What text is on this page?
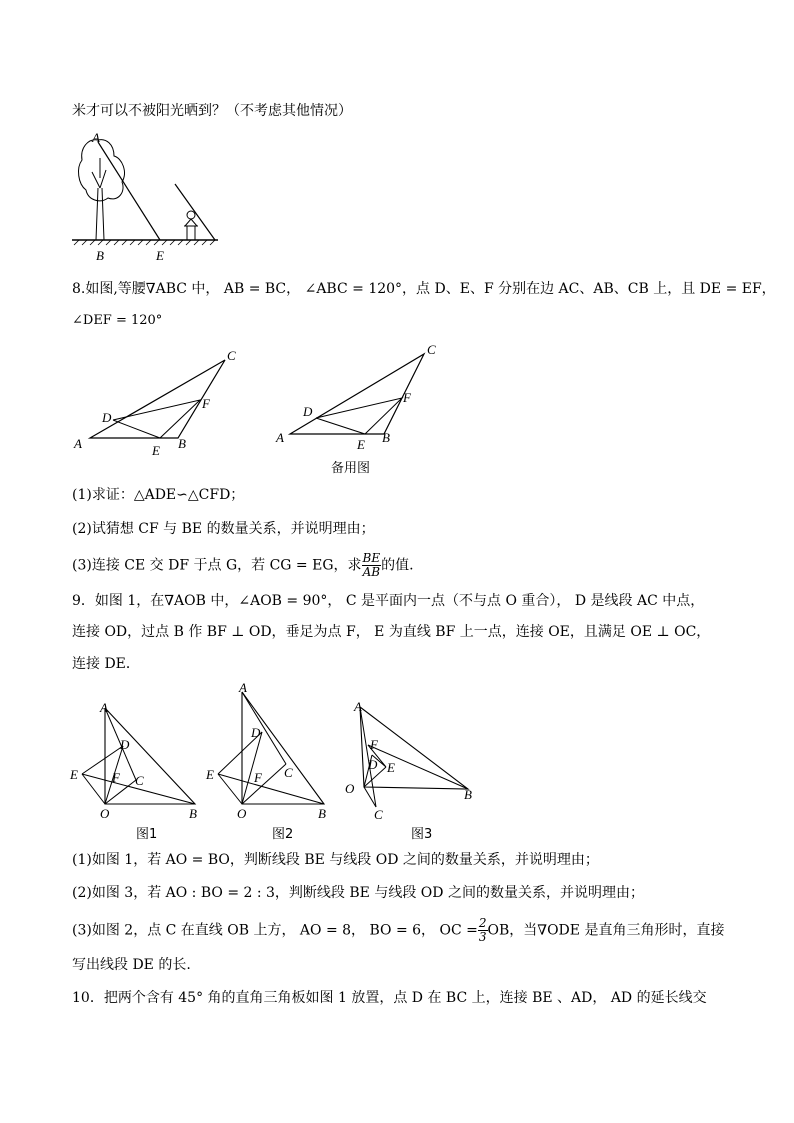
米才可以不被阳光晒到？（不考虑其他情况）
A
B	E
8.如图,等腰∇ABC 中， AB = BC， ∠ABC = 120°，点 D、E、F 分别在边 AC、AB、CB 上，且 DE = EF，
∠DEF = 120°
A	B
C
D
E
F
A	B
C
D
E
F
备用图
(1)求证：△ADE∽△CFD；
(2)试猜想 CF 与 BE 的数量关系，并说明理由；
(3)连接 CE 交 DF 于点 G，若 CG = EG，求 $\frac{BE}{AB}$ 的值.
9．如图 1，在∇AOB 中，∠AOB = 90°， C 是平面内一点（不与点 O 重合）， D 是线段 AC 中点，
连接 OD，过点 B 作 BF ⊥ OD，垂足为点 F， E 为直线 BF 上一点，连接 OE，且满足 OE ⊥ OC，
连接 DE．
A
D
E	F C
O	B
图1
A
D
E	F C
O	B
图2
A
F
D E
O
C
B
图3
(1)如图 1，若 AO = BO，判断线段 BE 与线段 OD 之间的数量关系，并说明理由；
(2)如图 3，若 AO : BO = 2 : 3，判断线段 BE 与线段 OD 之间的数量关系，并说明理由；
(3)如图 2，点 C 在直线 OB 上方， AO = 8， BO = 6， OC = $\frac{2}{3}$ OB，当∇ODE 是直角三角形时，直接
写出线段 DE 的长.
10．把两个含有 45° 角的直角三角板如图 1 放置，点 D 在 BC 上，连接 BE 、AD， AD 的延长线交
